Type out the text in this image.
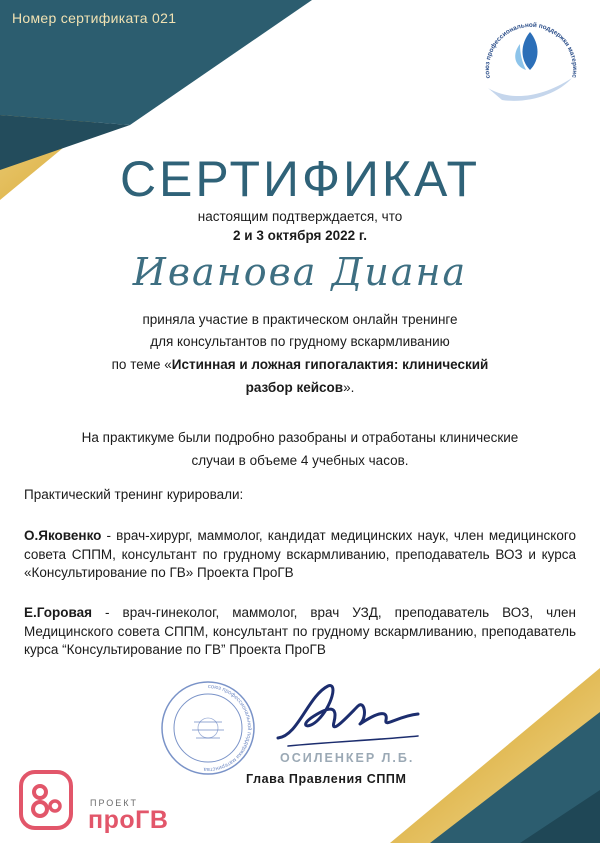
Номер сертификата 021
союз профессиональной поддержки материнс
СЕРТИФИКАТ
настоящим подтверждается, что
2 и 3 октября 2022 г.
Иванова Диана
приняла участие в практическом онлайн тренинге
для консультантов по грудному вскармливанию
по теме «Истинная и ложная гипогалактия: клинический
разбор кейсов».
На практикуме были подробно разобраны и отработаны клинические
случаи в объеме 4 учебных часов.
Практический тренинг курировали:
О.Яковенко - врач-хирург, маммолог, кандидат медицинских наук, член медицинского совета СППМ, консультант по грудному вскармливанию, преподаватель ВОЗ и курса «Консультирование по ГВ» Проекта ПроГВ
Е.Горовая - врач-гинеколог, маммолог, врач УЗД, преподаватель ВОЗ, член Медицинского совета СППМ, консультант по грудному вскармливанию, преподаватель курса “Консультирование по ГВ” Проекта ПроГВ
союз профессиональной поддержки материнства
ОСИЛЕНКЕР Л.Б.
Глава Правления СППМ
ПРОЕКТ
проГВ
